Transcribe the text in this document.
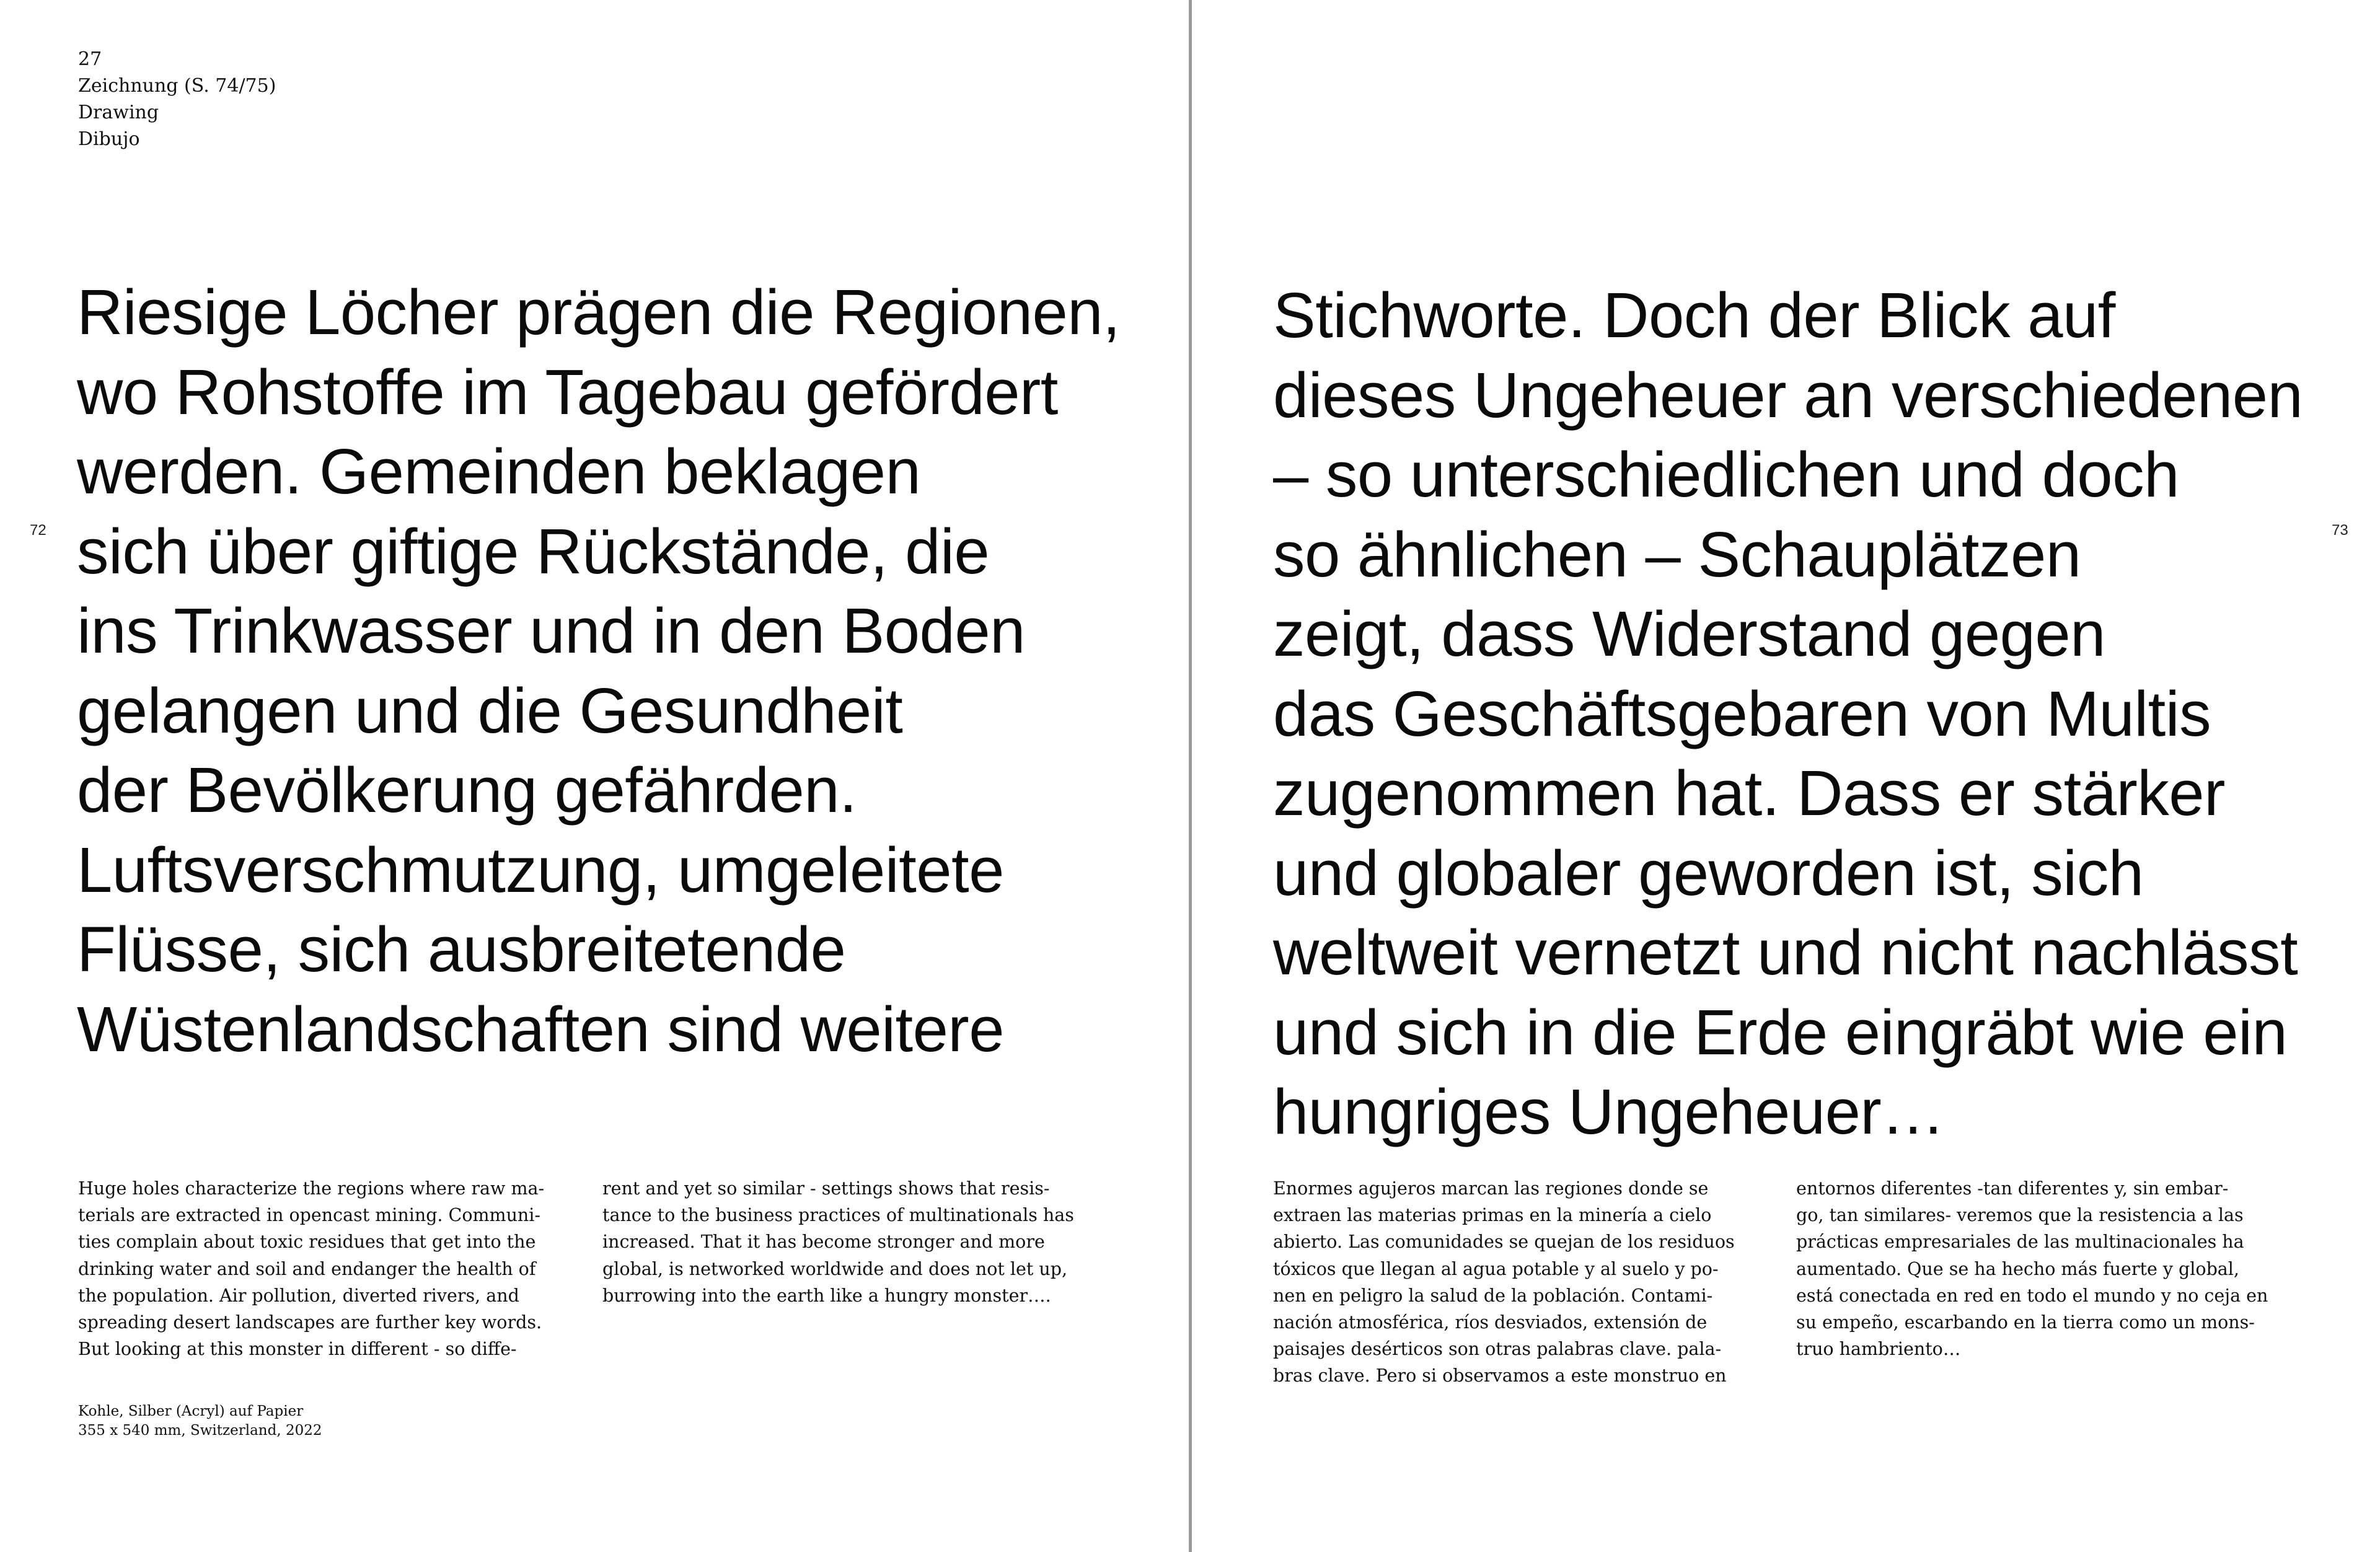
27
Zeichnung (S. 74/75)
Drawing
Dibujo
72	73
Riesige Löcher prägen die Regionen,
wo Rohstoffe im Tagebau gefördert
werden. Gemeinden beklagen
sich über giftige Rückstände, die
ins Trinkwasser und in den Boden
gelangen und die Gesundheit
der Bevölkerung gefährden.
Luftsverschmutzung, umgeleitete
Flüsse, sich ausbreitetende
Wüstenlandschaften sind weitere
Stichworte. Doch der Blick auf
dieses Ungeheuer an verschiedenen
– so unterschiedlichen und doch
so ähnlichen – Schauplätzen
zeigt, dass Widerstand gegen
das Geschäftsgebaren von Multis
zugenommen hat. Dass er stärker
und globaler geworden ist, sich
weltweit vernetzt und nicht nachlässt
und sich in die Erde eingräbt wie ein
hungriges Ungeheuer…
Huge holes characterize the regions where raw ma-
terials are extracted in opencast mining. Communi-
ties complain about toxic residues that get into the
drinking water and soil and endanger the health of
the population. Air pollution, diverted rivers, and
spreading desert landscapes are further key words.
But looking at this monster in different - so diffe-
rent and yet so similar - settings shows that resis-
tance to the business practices of multinationals has
increased. That it has become stronger and more
global, is networked worldwide and does not let up,
burrowing into the earth like a hungry monster….
Enormes agujeros marcan las regiones donde se
extraen las materias primas en la minería a cielo
abierto. Las comunidades se quejan de los residuos
tóxicos que llegan al agua potable y al suelo y po-
nen en peligro la salud de la población. Contami-
nación atmosférica, ríos desviados, extensión de
paisajes desérticos son otras palabras clave. pala-
bras clave. Pero si observamos a este monstruo en
entornos diferentes -tan diferentes y, sin embar-
go, tan similares- veremos que la resistencia a las
prácticas empresariales de las multinacionales ha
aumentado. Que se ha hecho más fuerte y global,
está conectada en red en todo el mundo y no ceja en
su empeño, escarbando en la tierra como un mons-
truo hambriento…
Kohle, Silber (Acryl) auf Papier
355 x 540 mm, Switzerland, 2022
